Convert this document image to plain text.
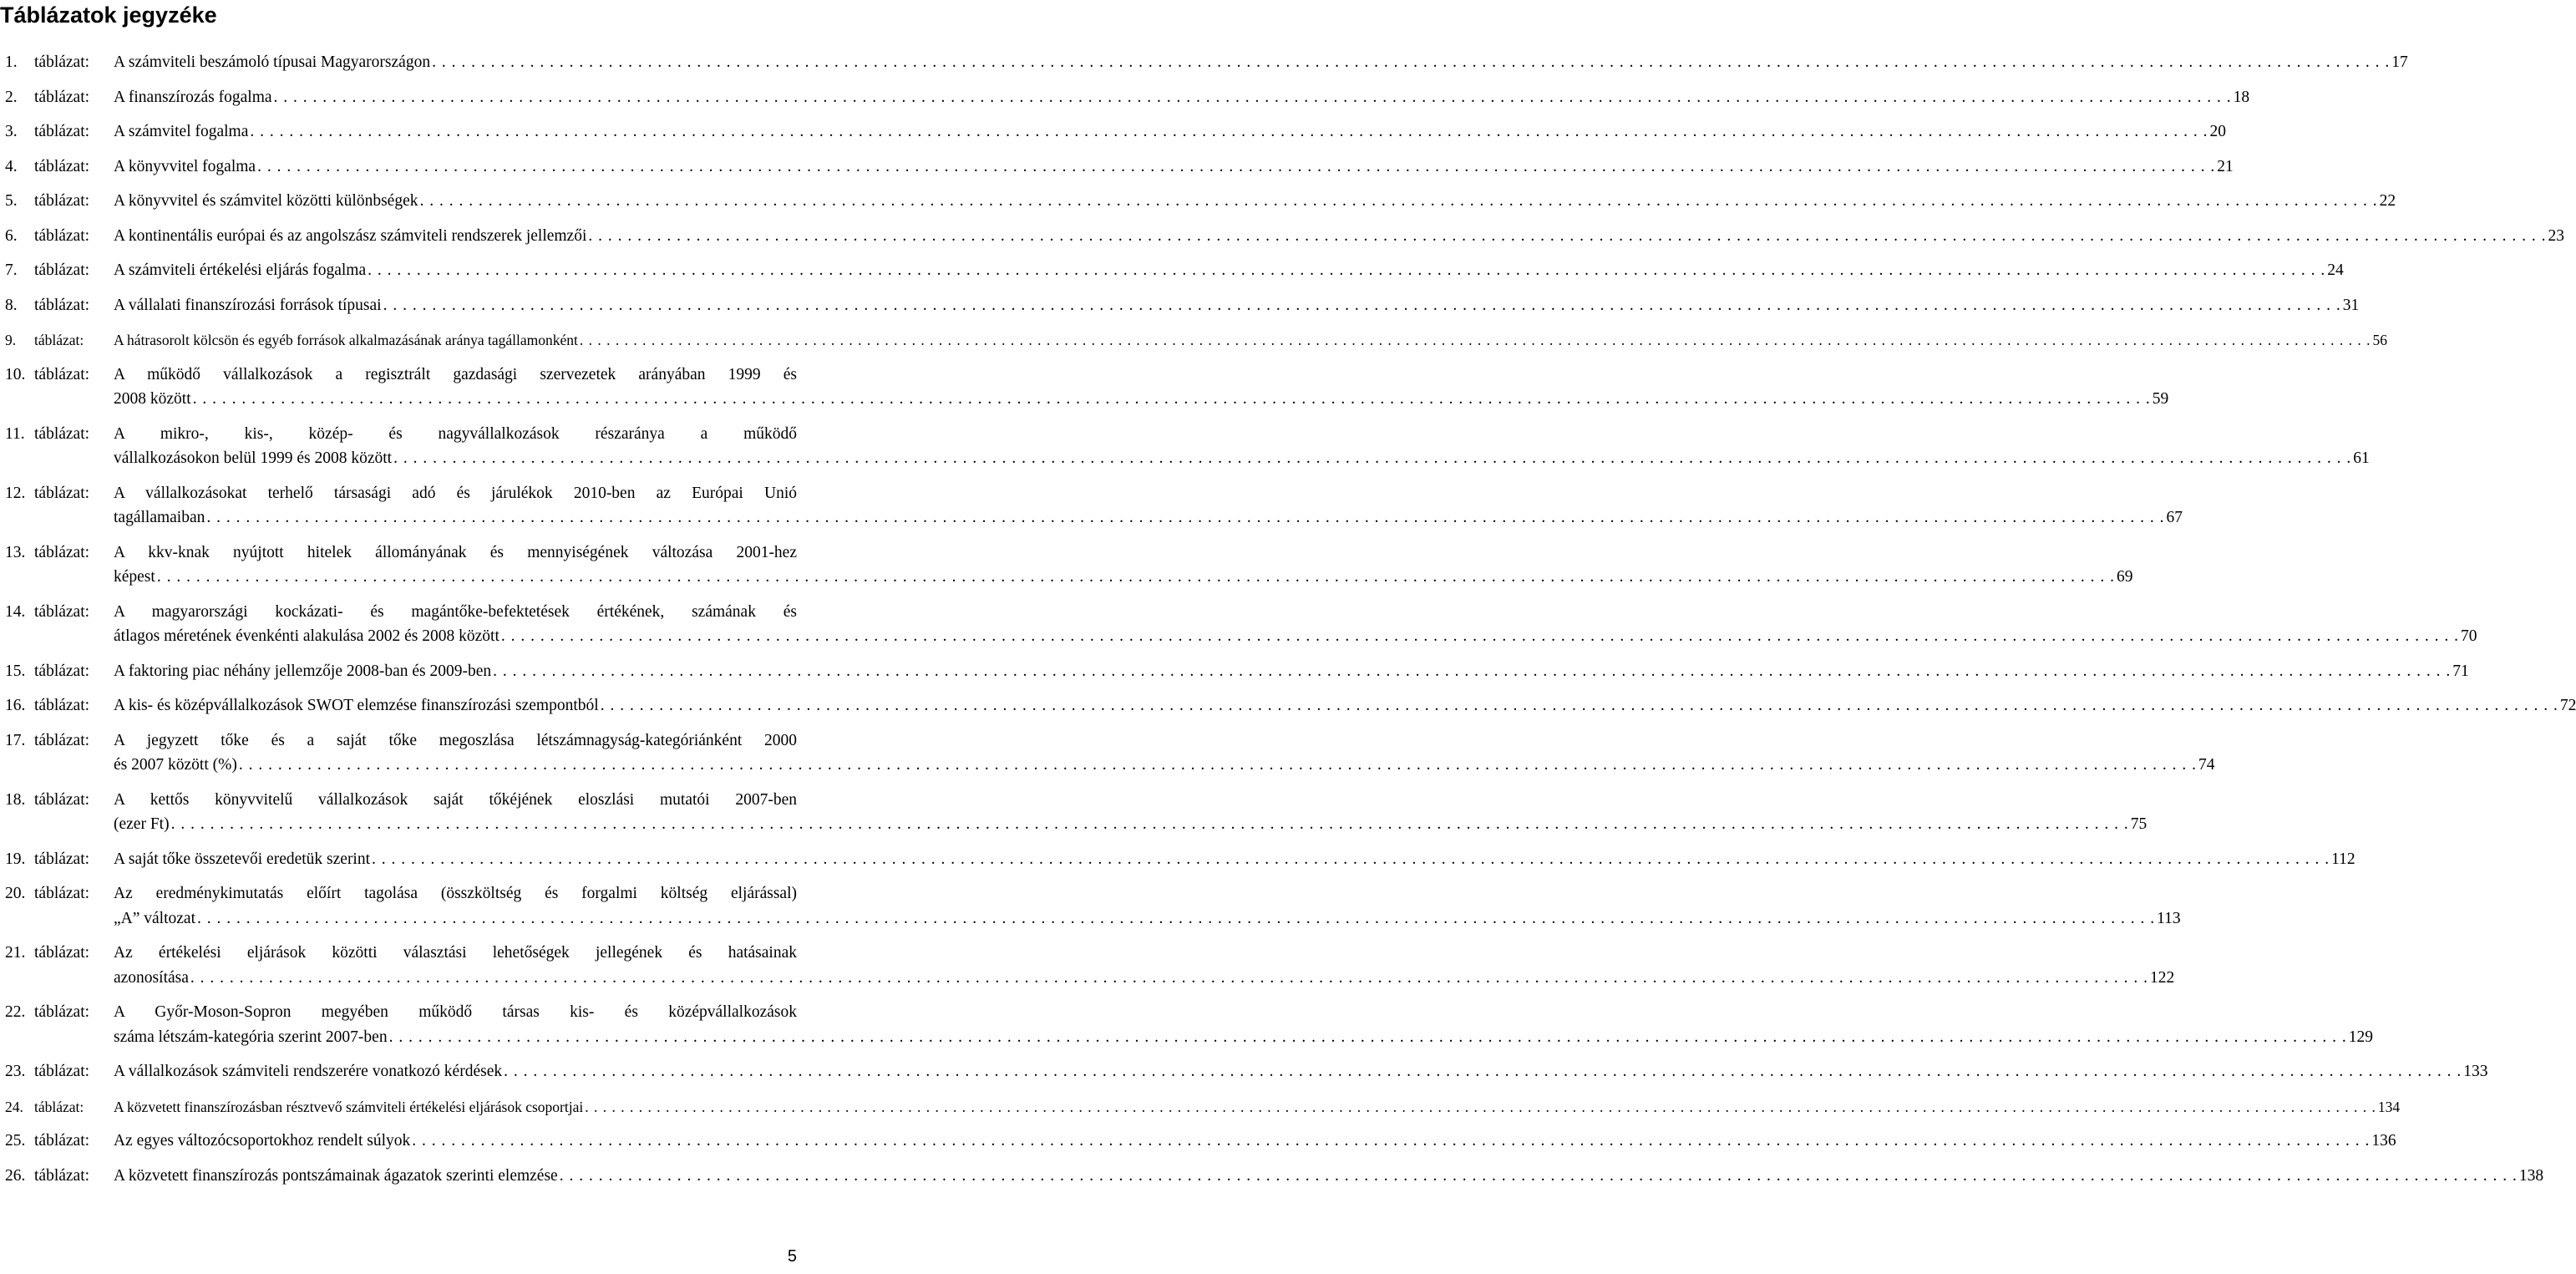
Táblázatok jegyzéke
1. táblázat: A számviteli beszámoló típusai Magyarországon . . . . . . . . . . . . . . . . . . . . . . . . . . . . . . . . . . . . . . . . . . . . . . . . . . . . . . . . . . . . . . . . . . . . . . . . . . . . . . . . . . . . . . . . . . . . . . . . . . . . . . . . . . . . . . . . . . . . . . . . . . . . . . . . . . . . . . . . . . . . . . . . . . . . . . . . . . . . . . . . . . . . . . . . . . . . . . . . . . . . . . . . . . . . . . . . . . . . . . . . 17
2. táblázat: A finanszírozás fogalma . . . . . . . . . . . . . . . . . . . . . . . . . . . . . . . . . . . . . . . . . . . . . . . . . . . . . . . . . . . . . . . . . . . . . . . . . . . . . . . . . . . . . . . . . . . . . . . . . . . . . . . . . . . . . . . . . . . . . . . . . . . . . . . . . . . . . . . . . . . . . . . . . . . . . . . . . . . . . . . . . . . . . . . . . . . . . . . . . . . . . . . . . . . . . . . . . . . . . . . . 18
3. táblázat: A számvitel fogalma . . . . . . . . . . . . . . . . . . . . . . . . . . . . . . . . . . . . . . . . . . . . . . . . . . . . . . . . . . . . . . . . . . . . . . . . . . . . . . . . . . . . . . . . . . . . . . . . . . . . . . . . . . . . . . . . . . . . . . . . . . . . . . . . . . . . . . . . . . . . . . . . . . . . . . . . . . . . . . . . . . . . . . . . . . . . . . . . . . . . . . . . . . . . . . . . . . . . . . . . 20
4. táblázat: A könyvvitel fogalma . . . . . . . . . . . . . . . . . . . . . . . . . . . . . . . . . . . . . . . . . . . . . . . . . . . . . . . . . . . . . . . . . . . . . . . . . . . . . . . . . . . . . . . . . . . . . . . . . . . . . . . . . . . . . . . . . . . . . . . . . . . . . . . . . . . . . . . . . . . . . . . . . . . . . . . . . . . . . . . . . . . . . . . . . . . . . . . . . . . . . . . . . . . . . . . . . . . . . . . . 21
5. táblázat: A könyvvitel és számvitel közötti különbségek . . . . . . . . . . . . . . . . . . . . . . . . . . . . . . . . . . . . . . . . . . . . . . . . . . . . . . . . . . . . . . . . . . . . . . . . . . . . . . . . . . . . . . . . . . . . . . . . . . . . . . . . . . . . . . . . . . . . . . . . . . . . . . . . . . . . . . . . . . . . . . . . . . . . . . . . . . . . . . . . . . . . . . . . . . . . . . . . . . . . . . . . . . . . . . . . . . . . . . . . 22
6. táblázat: A kontinentális európai és az angolszász számviteli rendszerek jellemzői . . . . . . . . . . . . . . . . . . . . . . . . . . . . . . . . . . . . . . . . . . . . . . . . . . . . . . . . . . . . . . . . . . . . . . . . . . . . . . . . . . . . . . . . . . . . . . . . . . . . . . . . . . . . . . . . . . . . . . . . . . . . . . . . . . . . . . . . . . . . . . . . . . . . . . . . . . . . . . . . . . . . . . . . . . . . . . . . . . . . . . . . . . . . . . . . . . . . . . . . 23
7. táblázat: A számviteli értékelési eljárás fogalma . . . . . . . . . . . . . . . . . . . . . . . . . . . . . . . . . . . . . . . . . . . . . . . . . . . . . . . . . . . . . . . . . . . . . . . . . . . . . . . . . . . . . . . . . . . . . . . . . . . . . . . . . . . . . . . . . . . . . . . . . . . . . . . . . . . . . . . . . . . . . . . . . . . . . . . . . . . . . . . . . . . . . . . . . . . . . . . . . . . . . . . . . . . . . . . . . . . . . . . . 24
8. táblázat: A vállalati finanszírozási források típusai . . . . . . . . . . . . . . . . . . . . . . . . . . . . . . . . . . . . . . . . . . . . . . . . . . . . . . . . . . . . . . . . . . . . . . . . . . . . . . . . . . . . . . . . . . . . . . . . . . . . . . . . . . . . . . . . . . . . . . . . . . . . . . . . . . . . . . . . . . . . . . . . . . . . . . . . . . . . . . . . . . . . . . . . . . . . . . . . . . . . . . . . . . . . . . . . . . . . . . . . 31
9. táblázat: A hátrasorolt kölcsön és egyéb források alkalmazásának aránya tagállamonként . . . . . . . . . . . . . . . . . . . . . . . . . . . . . . . . . . . . . . . . . . . . . . . . . . . . . . . . . . . . . . . . . . . . . . . . . . . . . . . . . . . . . . . . . . . . . . . . . . . . . . . . . . . . . . . . . . . . . . . . . . . . . . . . . . . . . . . . . . . . . . . . . . . . . . . . . . . . . . . . . . . . . . . . . . . . . . . . . . . . . . . . . . . . . . . . . . . . . . . . 56
10. táblázat: A működő vállalkozások a regisztrált gazdasági szervezetek arányában 1999 és
2008 között . . . . . . . . . . . . . . . . . . . . . . . . . . . . . . . . . . . . . . . . . . . . . . . . . . . . . . . . . . . . . . . . . . . . . . . . . . . . . . . . . . . . . . . . . . . . . . . . . . . . . . . . . . . . . . . . . . . . . . . . . . . . . . . . . . . . . . . . . . . . . . . . . . . . . . . . . . . . . . . . . . . . . . . . . . . . . . . . . . . . . . . . . . . . . . . . . . . . . . . . 59
11. táblázat: A mikro-, kis-, közép- és nagyvállalkozások részaránya a működő
vállalkozásokon belül 1999 és 2008 között . . . . . . . . . . . . . . . . . . . . . . . . . . . . . . . . . . . . . . . . . . . . . . . . . . . . . . . . . . . . . . . . . . . . . . . . . . . . . . . . . . . . . . . . . . . . . . . . . . . . . . . . . . . . . . . . . . . . . . . . . . . . . . . . . . . . . . . . . . . . . . . . . . . . . . . . . . . . . . . . . . . . . . . . . . . . . . . . . . . . . . . . . . . . . . . . . . . . . . . . 61
12. táblázat: A vállalkozásokat terhelő társasági adó és járulékok 2010-ben az Európai Unió
tagállamaiban . . . . . . . . . . . . . . . . . . . . . . . . . . . . . . . . . . . . . . . . . . . . . . . . . . . . . . . . . . . . . . . . . . . . . . . . . . . . . . . . . . . . . . . . . . . . . . . . . . . . . . . . . . . . . . . . . . . . . . . . . . . . . . . . . . . . . . . . . . . . . . . . . . . . . . . . . . . . . . . . . . . . . . . . . . . . . . . . . . . . . . . . . . . . . . . . . . . . . . . . 67
13. táblázat: A kkv-knak nyújtott hitelek állományának és mennyiségének változása 2001-hez
képest . . . . . . . . . . . . . . . . . . . . . . . . . . . . . . . . . . . . . . . . . . . . . . . . . . . . . . . . . . . . . . . . . . . . . . . . . . . . . . . . . . . . . . . . . . . . . . . . . . . . . . . . . . . . . . . . . . . . . . . . . . . . . . . . . . . . . . . . . . . . . . . . . . . . . . . . . . . . . . . . . . . . . . . . . . . . . . . . . . . . . . . . . . . . . . . . . . . . . . . . 69
14. táblázat: A magyarországi kockázati- és magántőke-befektetések értékének, számának és
átlagos méretének évenkénti alakulása 2002 és 2008 között . . . . . . . . . . . . . . . . . . . . . . . . . . . . . . . . . . . . . . . . . . . . . . . . . . . . . . . . . . . . . . . . . . . . . . . . . . . . . . . . . . . . . . . . . . . . . . . . . . . . . . . . . . . . . . . . . . . . . . . . . . . . . . . . . . . . . . . . . . . . . . . . . . . . . . . . . . . . . . . . . . . . . . . . . . . . . . . . . . . . . . . . . . . . . . . . . . . . . . . . 70
15. táblázat: A faktoring piac néhány jellemzője 2008-ban és 2009-ben . . . . . . . . . . . . . . . . . . . . . . . . . . . . . . . . . . . . . . . . . . . . . . . . . . . . . . . . . . . . . . . . . . . . . . . . . . . . . . . . . . . . . . . . . . . . . . . . . . . . . . . . . . . . . . . . . . . . . . . . . . . . . . . . . . . . . . . . . . . . . . . . . . . . . . . . . . . . . . . . . . . . . . . . . . . . . . . . . . . . . . . . . . . . . . . . . . . . . . . . 71
16. táblázat: A kis- és középvállalkozások SWOT elemzése finanszírozási szempontból . . . . . . . . . . . . . . . . . . . . . . . . . . . . . . . . . . . . . . . . . . . . . . . . . . . . . . . . . . . . . . . . . . . . . . . . . . . . . . . . . . . . . . . . . . . . . . . . . . . . . . . . . . . . . . . . . . . . . . . . . . . . . . . . . . . . . . . . . . . . . . . . . . . . . . . . . . . . . . . . . . . . . . . . . . . . . . . . . . . . . . . . . . . . . . . . . . . . . . . . 72
17. táblázat: A jegyzett tőke és a saját tőke megoszlása létszámnagyság-kategóriánként 2000
és 2007 között (%) . . . . . . . . . . . . . . . . . . . . . . . . . . . . . . . . . . . . . . . . . . . . . . . . . . . . . . . . . . . . . . . . . . . . . . . . . . . . . . . . . . . . . . . . . . . . . . . . . . . . . . . . . . . . . . . . . . . . . . . . . . . . . . . . . . . . . . . . . . . . . . . . . . . . . . . . . . . . . . . . . . . . . . . . . . . . . . . . . . . . . . . . . . . . . . . . . . . . . . . . 74
18. táblázat: A kettős könyvvitelű vállalkozások saját tőkéjének eloszlási mutatói 2007-ben
(ezer Ft) . . . . . . . . . . . . . . . . . . . . . . . . . . . . . . . . . . . . . . . . . . . . . . . . . . . . . . . . . . . . . . . . . . . . . . . . . . . . . . . . . . . . . . . . . . . . . . . . . . . . . . . . . . . . . . . . . . . . . . . . . . . . . . . . . . . . . . . . . . . . . . . . . . . . . . . . . . . . . . . . . . . . . . . . . . . . . . . . . . . . . . . . . . . . . . . . . . . . . . . . 75
19. táblázat: A saját tőke összetevői eredetük szerint . . . . . . . . . . . . . . . . . . . . . . . . . . . . . . . . . . . . . . . . . . . . . . . . . . . . . . . . . . . . . . . . . . . . . . . . . . . . . . . . . . . . . . . . . . . . . . . . . . . . . . . . . . . . . . . . . . . . . . . . . . . . . . . . . . . . . . . . . . . . . . . . . . . . . . . . . . . . . . . . . . . . . . . . . . . . . . . . . . . . . . . . . . . . . . . . . . . . . . . . 112
20. táblázat: Az eredménykimutatás előírt tagolása (összköltség és forgalmi költség eljárással)
„A” változat . . . . . . . . . . . . . . . . . . . . . . . . . . . . . . . . . . . . . . . . . . . . . . . . . . . . . . . . . . . . . . . . . . . . . . . . . . . . . . . . . . . . . . . . . . . . . . . . . . . . . . . . . . . . . . . . . . . . . . . . . . . . . . . . . . . . . . . . . . . . . . . . . . . . . . . . . . . . . . . . . . . . . . . . . . . . . . . . . . . . . . . . . . . . . . . . . . . . . . . . 113
21. táblázat: Az értékelési eljárások közötti választási lehetőségek jellegének és hatásainak
azonosítása . . . . . . . . . . . . . . . . . . . . . . . . . . . . . . . . . . . . . . . . . . . . . . . . . . . . . . . . . . . . . . . . . . . . . . . . . . . . . . . . . . . . . . . . . . . . . . . . . . . . . . . . . . . . . . . . . . . . . . . . . . . . . . . . . . . . . . . . . . . . . . . . . . . . . . . . . . . . . . . . . . . . . . . . . . . . . . . . . . . . . . . . . . . . . . . . . . . . . . . . 122
22. táblázat: A Győr-Moson-Sopron megyében működő társas kis- és középvállalkozások
száma létszám-kategória szerint 2007-ben . . . . . . . . . . . . . . . . . . . . . . . . . . . . . . . . . . . . . . . . . . . . . . . . . . . . . . . . . . . . . . . . . . . . . . . . . . . . . . . . . . . . . . . . . . . . . . . . . . . . . . . . . . . . . . . . . . . . . . . . . . . . . . . . . . . . . . . . . . . . . . . . . . . . . . . . . . . . . . . . . . . . . . . . . . . . . . . . . . . . . . . . . . . . . . . . . . . . . . . . 129
23. táblázat: A vállalkozások számviteli rendszerére vonatkozó kérdések . . . . . . . . . . . . . . . . . . . . . . . . . . . . . . . . . . . . . . . . . . . . . . . . . . . . . . . . . . . . . . . . . . . . . . . . . . . . . . . . . . . . . . . . . . . . . . . . . . . . . . . . . . . . . . . . . . . . . . . . . . . . . . . . . . . . . . . . . . . . . . . . . . . . . . . . . . . . . . . . . . . . . . . . . . . . . . . . . . . . . . . . . . . . . . . . . . . . . . . . 133
24. táblázat: A közvetett finanszírozásban résztvevő számviteli értékelési eljárások csoportjai . . . . . . . . . . . . . . . . . . . . . . . . . . . . . . . . . . . . . . . . . . . . . . . . . . . . . . . . . . . . . . . . . . . . . . . . . . . . . . . . . . . . . . . . . . . . . . . . . . . . . . . . . . . . . . . . . . . . . . . . . . . . . . . . . . . . . . . . . . . . . . . . . . . . . . . . . . . . . . . . . . . . . . . . . . . . . . . . . . . . . . . . . . . . . . . . . . . . . . . . 134
25. táblázat: Az egyes változócsoportokhoz rendelt súlyok . . . . . . . . . . . . . . . . . . . . . . . . . . . . . . . . . . . . . . . . . . . . . . . . . . . . . . . . . . . . . . . . . . . . . . . . . . . . . . . . . . . . . . . . . . . . . . . . . . . . . . . . . . . . . . . . . . . . . . . . . . . . . . . . . . . . . . . . . . . . . . . . . . . . . . . . . . . . . . . . . . . . . . . . . . . . . . . . . . . . . . . . . . . . . . . . . . . . . . . . 136
26. táblázat: A közvetett finanszírozás pontszámainak ágazatok szerinti elemzése . . . . . . . . . . . . . . . . . . . . . . . . . . . . . . . . . . . . . . . . . . . . . . . . . . . . . . . . . . . . . . . . . . . . . . . . . . . . . . . . . . . . . . . . . . . . . . . . . . . . . . . . . . . . . . . . . . . . . . . . . . . . . . . . . . . . . . . . . . . . . . . . . . . . . . . . . . . . . . . . . . . . . . . . . . . . . . . . . . . . . . . . . . . . . . . . . . . . . . . . 138
5
